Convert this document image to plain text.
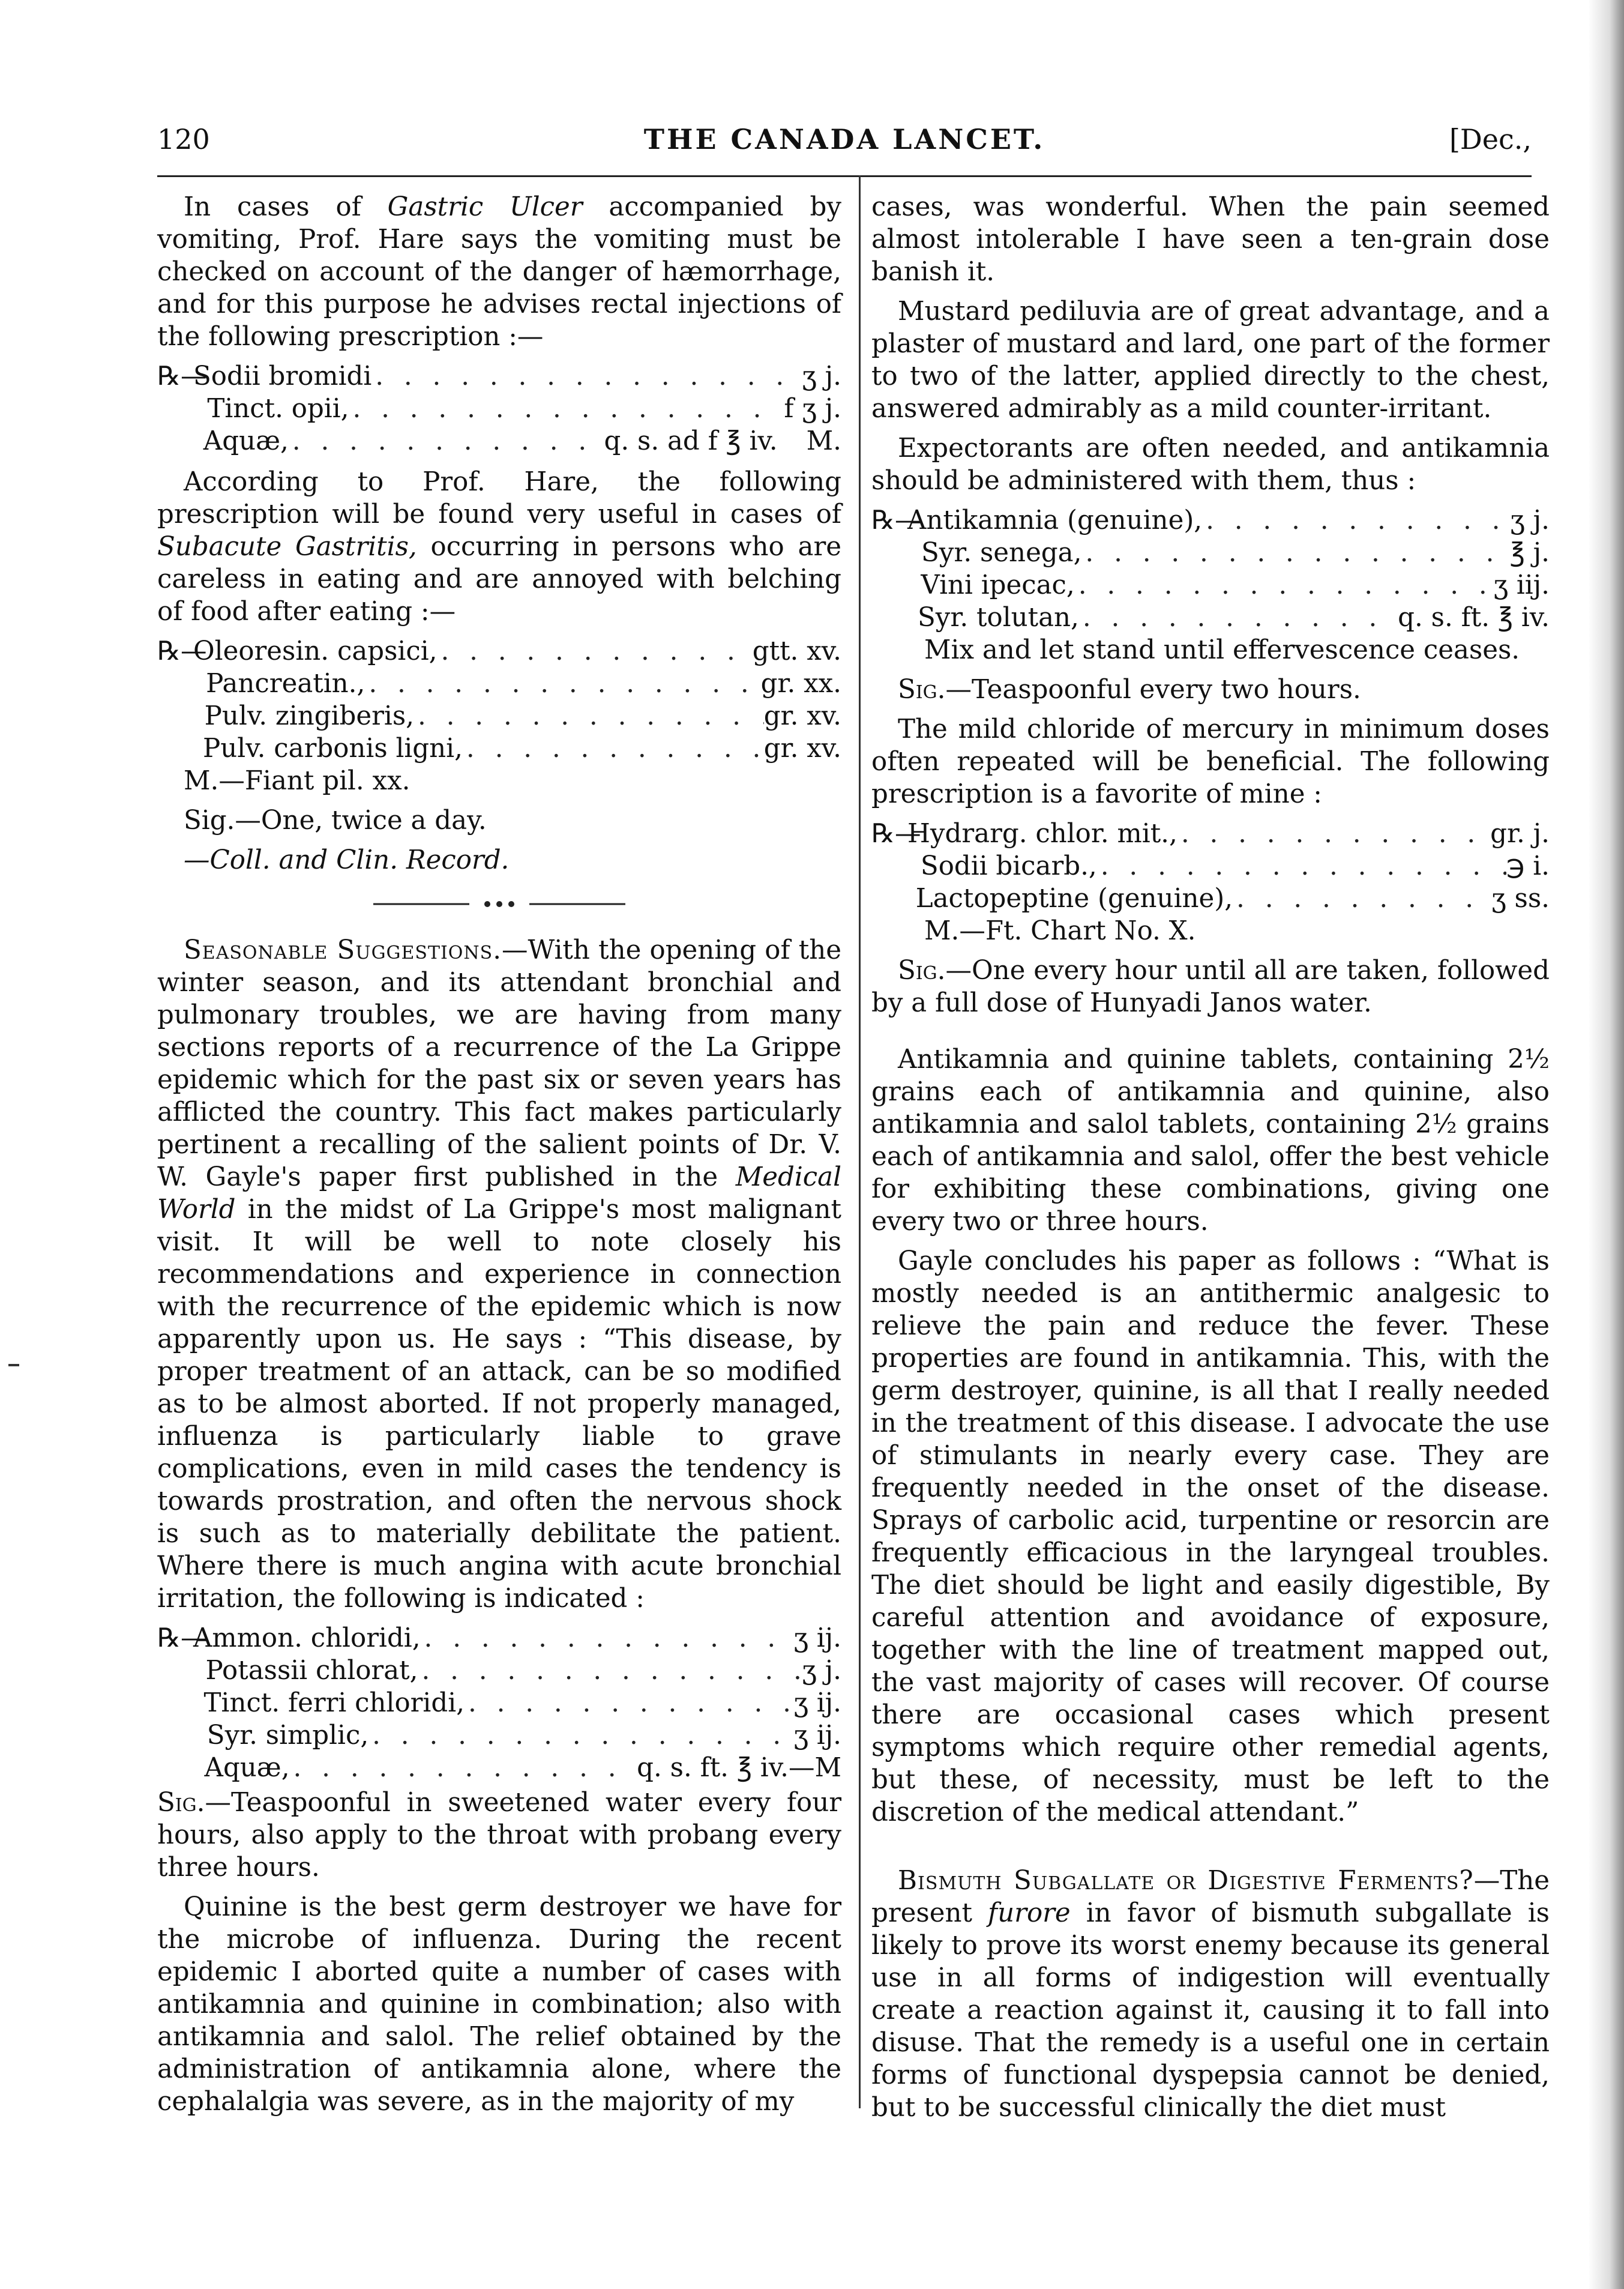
120	THE CANADA LANCET.	[Dec.,

In cases of Gastric Ulcer accompanied by vomiting, Prof. Hare says the vomiting must be checked on account of the danger of hæmorrhage, and for this purpose he advises rectal injections of the following prescription :—

℞—
Sodii bromidi . . .	ʒ j.
Tinct. opii, . . .	f ʒ j.
Aquæ, . . .	q. s. ad f ℥ iv.	M.

According to Prof. Hare, the following prescription will be found very useful in cases of Subacute Gastritis, occurring in persons who are careless in eating and are annoyed with belching of food after eating :—

℞—
Oleoresin. capsici, . . .	gtt. xv.
Pancreatin., . . .	gr. xx.
Pulv. zingiberis, . . .	gr. xv.
Pulv. carbonis ligni, . . .	gr. xv.

M.—Fiant pil. xx.

Sig.—One, twice a day.

—Coll. and Clin. Record.

Seasonable Suggestions.—With the opening of the winter season, and its attendant bronchial and pulmonary troubles, we are having from many sections reports of a recurrence of the La Grippe epidemic which for the past six or seven years has afflicted the country. This fact makes particularly pertinent a recalling of the salient points of Dr. V. W. Gayle's paper first published in the Medical World in the midst of La Grippe's most malignant visit. It will be well to note closely his recommendations and experience in connection with the recurrence of the epidemic which is now apparently upon us. He says : “This disease, by proper treatment of an attack, can be so modified as to be almost aborted. If not properly managed, influenza is particularly liable to grave complications, even in mild cases the tendency is towards prostration, and often the nervous shock is such as to materially debilitate the patient. Where there is much angina with acute bronchial irritation, the following is indicated :

℞—
Ammon. chloridi, . . .	ʒ ij.
Potassii chlorat, . . .	ʒ j.
Tinct. ferri chloridi, . . .	ʒ ij.
Syr. simplic, . . .	ʒ ij.
Aquæ, . . .	q. s. ft. ℥ iv.—M

Sig.—Teaspoonful in sweetened water every four hours, also apply to the throat with probang every three hours.

Quinine is the best germ destroyer we have for the microbe of influenza. During the recent epidemic I aborted quite a number of cases with antikamnia and quinine in combination; also with antikamnia and salol. The relief obtained by the administration of antikamnia alone, where the cephalalgia was severe, as in the majority of my

cases, was wonderful. When the pain seemed almost intolerable I have seen a ten-grain dose banish it.

Mustard pediluvia are of great advantage, and a plaster of mustard and lard, one part of the former to two of the latter, applied directly to the chest, answered admirably as a mild counter-irritant.

Expectorants are often needed, and antikamnia should be administered with them, thus :

℞—
Antikamnia (genuine), . . .	ʒ j.
Syr. senega, . . .	℥ j.
Vini ipecac, . . .	ʒ iij.
Syr. tolutan, . . .	q. s. ft. ℥ iv.

Mix and let stand until effervescence ceases.

Sig.—Teaspoonful every two hours.

The mild chloride of mercury in minimum doses often repeated will be beneficial. The following prescription is a favorite of mine :

℞—
Hydrarg. chlor. mit., . . .	gr. j.
Sodii bicarb., . . .	℈ i.
Lactopeptine (genuine), . . .	ʒ ss.

M.—Ft. Chart No. X.

Sig.—One every hour until all are taken, followed by a full dose of Hunyadi Janos water.

Antikamnia and quinine tablets, containing 2½ grains each of antikamnia and quinine, also antikamnia and salol tablets, containing 2½ grains each of antikamnia and salol, offer the best vehicle for exhibiting these combinations, giving one every two or three hours.

Gayle concludes his paper as follows : “What is mostly needed is an antithermic analgesic to relieve the pain and reduce the fever. These properties are found in antikamnia. This, with the germ destroyer, quinine, is all that I really needed in the treatment of this disease. I advocate the use of stimulants in nearly every case. They are frequently needed in the onset of the disease. Sprays of carbolic acid, turpentine or resorcin are frequently efficacious in the laryngeal troubles. The diet should be light and easily digestible, By careful attention and avoidance of exposure, together with the line of treatment mapped out, the vast majority of cases will recover. Of course there are occasional cases which present symptoms which require other remedial agents, but these, of necessity, must be left to the discretion of the medical attendant.”

Bismuth Subgallate or Digestive Ferments?—The present furore in favor of bismuth subgallate is likely to prove its worst enemy because its general use in all forms of indigestion will eventually create a reaction against it, causing it to fall into disuse. That the remedy is a useful one in certain forms of functional dyspepsia cannot be denied, but to be successful clinically the diet must
